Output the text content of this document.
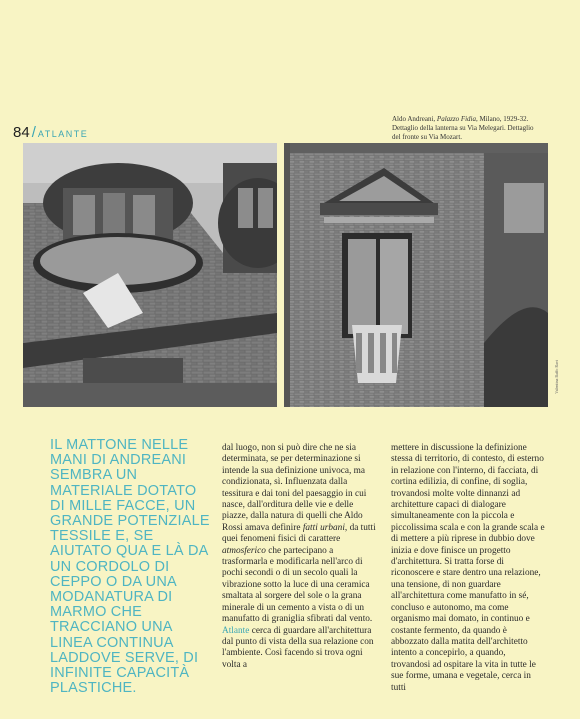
84 / ATLANTE
Aldo Andreani, Palazzo Fidia, Milano, 1929-32. Dettaglio della lanterna su Via Melegari. Dettaglio del fronte su Via Mozart.
Valentina Baffo Ravi
IL MATTONE NELLE MANI DI ANDREANI SEMBRA UN MATERIALE DOTATO DI MILLE FACCE, UN GRANDE POTENZIALE TESSILE E, SE AIUTATO QUA E LÀ DA UN CORDOLO DI CEPPO O DA UNA MODANATURA DI MARMO CHE TRACCIANO UNA LINEA CONTINUA LADDOVE SERVE, DI INFINITE CAPACITÀ PLASTICHE.

dal luogo, non si può dire che ne sia determinata, se per determinazione si intende la sua definizione univoca, ma condizionata, sì. Influenzata dalla tessitura e dai toni del paesaggio in cui nasce, dall'orditura delle vie e delle piazze, dalla natura di quelli che Aldo Rossi amava definire fatti urbani, da tutti quei fenomeni fisici di carattere atmosferico che partecipano a trasformarla e modificarla nell'arco di pochi secondi o di un secolo quali la vibrazione sotto la luce di una ceramica smaltata al sorgere del sole o la grana minerale di un cemento a vista o di un manufatto di graniglia sfibrati dal vento.
Atlante cerca di guardare all'architettura dal punto di vista della sua relazione con l'ambiente. Così facendo si trova ogni volta a

mettere in discussione la definizione stessa di territorio, di contesto, di esterno in relazione con l'interno, di facciata, di cortina edilizia, di confine, di soglia, trovandosi molte volte dinnanzi ad architetture capaci di dialogare simultaneamente con la piccola e piccolissima scala e con la grande scala e di mettere a più riprese in dubbio dove inizia e dove finisce un progetto d'architettura. Si tratta forse di riconoscere e stare dentro una relazione, una tensione, di non guardare all'architettura come manufatto in sé, concluso e autonomo, ma come organismo mai domato, in continuo e costante fermento, da quando è abbozzato dalla matita dell'architetto intento a concepirlo, a quando, trovandosi ad ospitare la vita in tutte le sue forme, umana e vegetale, cerca in tutti
